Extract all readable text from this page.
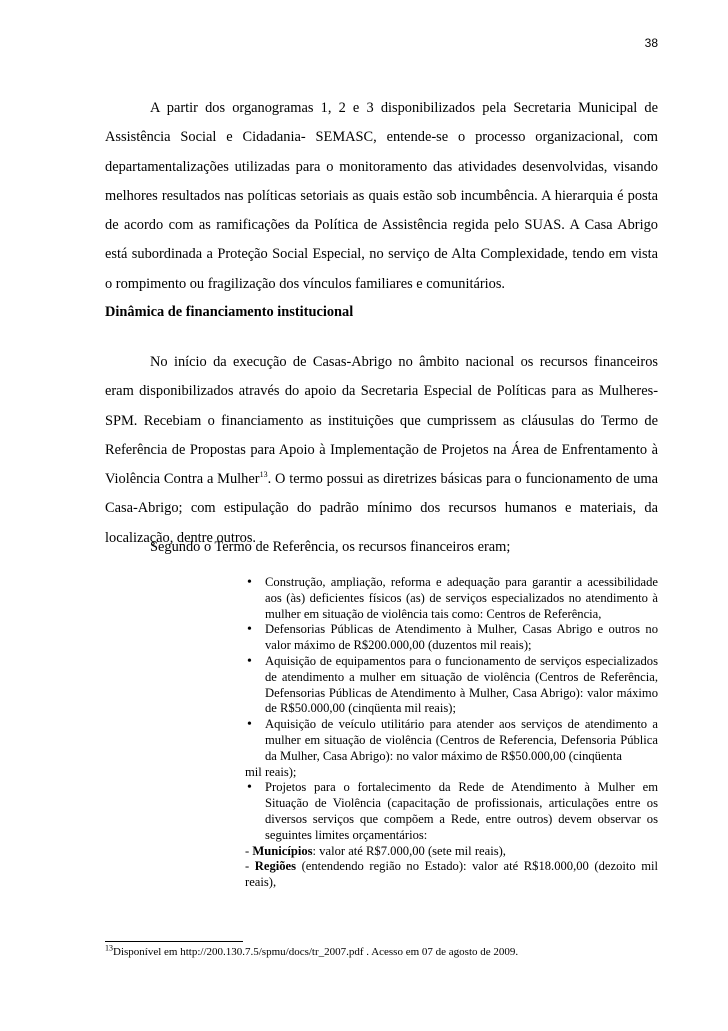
38

A partir dos organogramas 1, 2 e 3 disponibilizados pela Secretaria Municipal de Assistência Social e Cidadania- SEMASC, entende-se o processo organizacional, com departamentalizações utilizadas para o monitoramento das atividades desenvolvidas, visando melhores resultados nas políticas setoriais as quais estão sob incumbência. A hierarquia é posta de acordo com as ramificações da Política de Assistência regida pelo SUAS. A Casa Abrigo está subordinada a Proteção Social Especial, no serviço de Alta Complexidade, tendo em vista o rompimento ou fragilização dos vínculos familiares e comunitários.

Dinâmica de financiamento institucional

No início da execução de Casas-Abrigo no âmbito nacional os recursos financeiros eram disponibilizados através do apoio da Secretaria Especial de Políticas para as Mulheres-SPM. Recebiam o financiamento as instituições que cumprissem as cláusulas do Termo de Referência de Propostas para Apoio à Implementação de Projetos na Área de Enfrentamento à Violência Contra a Mulher$^{13}$. O termo possui as diretrizes básicas para o funcionamento de uma Casa-Abrigo; com estipulação do padrão mínimo dos recursos humanos e materiais, da localização, dentre outros.

Segundo o Termo de Referência, os recursos financeiros eram;

• Construção, ampliação, reforma e adequação para garantir a acessibilidade aos (às) deficientes físicos (as) de serviços especializados no atendimento à mulher em situação de violência tais como: Centros de Referência,

• Defensorias Públicas de Atendimento à Mulher, Casas Abrigo e outros no valor máximo de R$200.000,00 (duzentos mil reais);

• Aquisição de equipamentos para o funcionamento de serviços especializados de atendimento a mulher em situação de violência (Centros de Referência, Defensorias Públicas de Atendimento à Mulher, Casa Abrigo): valor máximo de R$50.000,00 (cinqüenta mil reais);

• Aquisição de veículo utilitário para atender aos serviços de atendimento a mulher em situação de violência (Centros de Referencia, Defensoria Pública da Mulher, Casa Abrigo): no valor máximo de R$50.000,00 (cinqüenta

mil reais);

• Projetos para o fortalecimento da Rede de Atendimento à Mulher em Situação de Violência (capacitação de profissionais, articulações entre os diversos serviços que compõem a Rede, entre outros) devem observar os seguintes limites orçamentários:

- Municípios: valor até R$7.000,00 (sete mil reais),

- Regiões (entendendo região no Estado): valor até R$18.000,00 (dezoito mil reais),

$^{13}$Disponível em http://200.130.7.5/spmu/docs/tr_2007.pdf . Acesso em 07 de agosto de 2009.
